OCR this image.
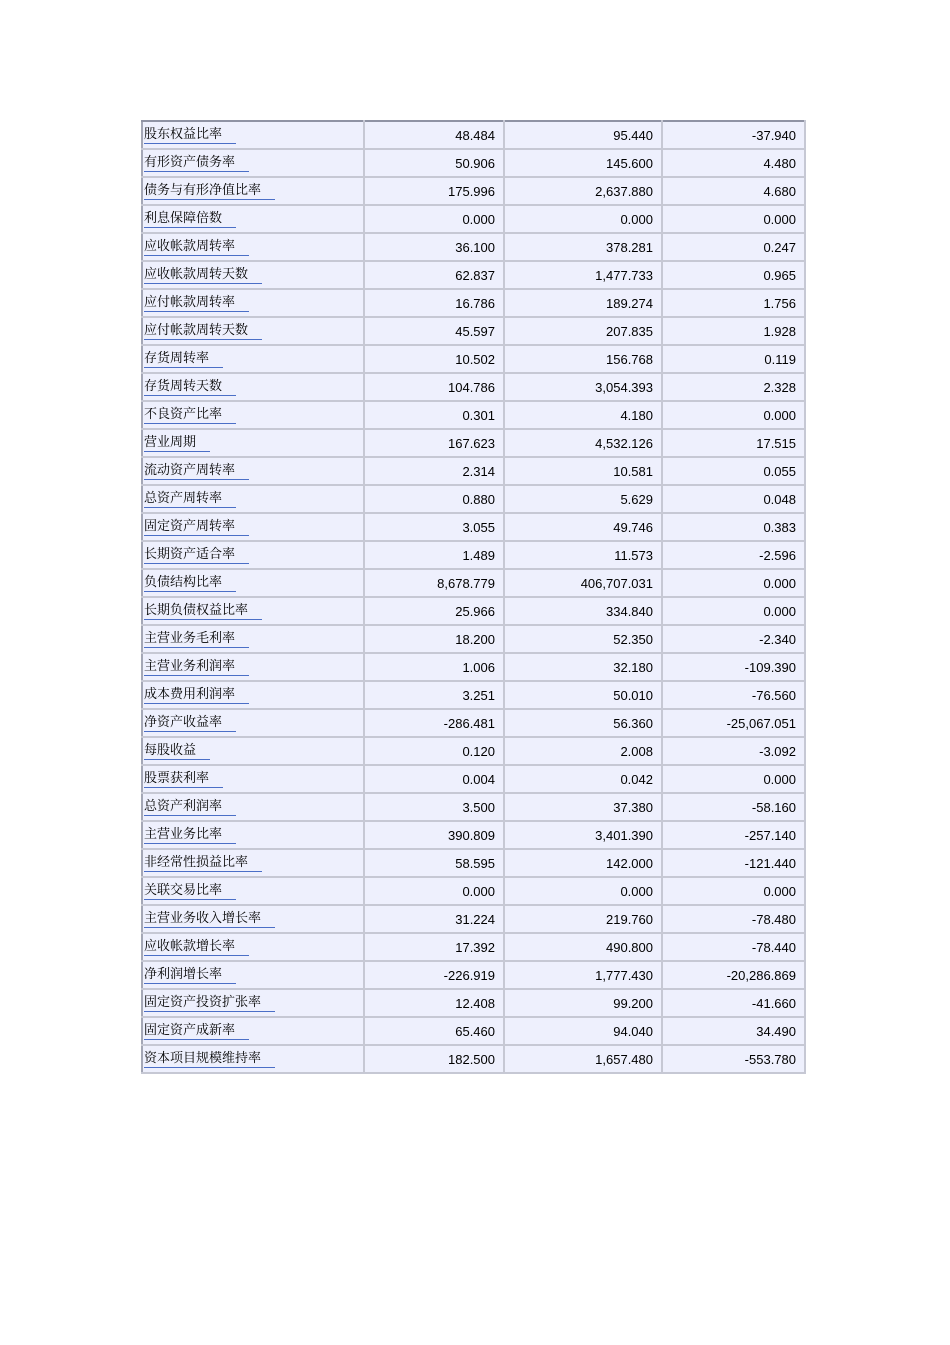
股东权益比率	48.484	95.440	-37.940
有形资产债务率	50.906	145.600	4.480
债务与有形净值比率	175.996	2,637.880	4.680
利息保障倍数	0.000	0.000	0.000
应收帐款周转率	36.100	378.281	0.247
应收帐款周转天数	62.837	1,477.733	0.965
应付帐款周转率	16.786	189.274	1.756
应付帐款周转天数	45.597	207.835	1.928
存货周转率	10.502	156.768	0.119
存货周转天数	104.786	3,054.393	2.328
不良资产比率	0.301	4.180	0.000
营业周期	167.623	4,532.126	17.515
流动资产周转率	2.314	10.581	0.055
总资产周转率	0.880	5.629	0.048
固定资产周转率	3.055	49.746	0.383
长期资产适合率	1.489	11.573	-2.596
负债结构比率	8,678.779	406,707.031	0.000
长期负债权益比率	25.966	334.840	0.000
主营业务毛利率	18.200	52.350	-2.340
主营业务利润率	1.006	32.180	-109.390
成本费用利润率	3.251	50.010	-76.560
净资产收益率	-286.481	56.360	-25,067.051
每股收益	0.120	2.008	-3.092
股票获利率	0.004	0.042	0.000
总资产利润率	3.500	37.380	-58.160
主营业务比率	390.809	3,401.390	-257.140
非经常性损益比率	58.595	142.000	-121.440
关联交易比率	0.000	0.000	0.000
主营业务收入增长率	31.224	219.760	-78.480
应收帐款增长率	17.392	490.800	-78.440
净利润增长率	-226.919	1,777.430	-20,286.869
固定资产投资扩张率	12.408	99.200	-41.660
固定资产成新率	65.460	94.040	34.490
资本项目规模维持率	182.500	1,657.480	-553.780
